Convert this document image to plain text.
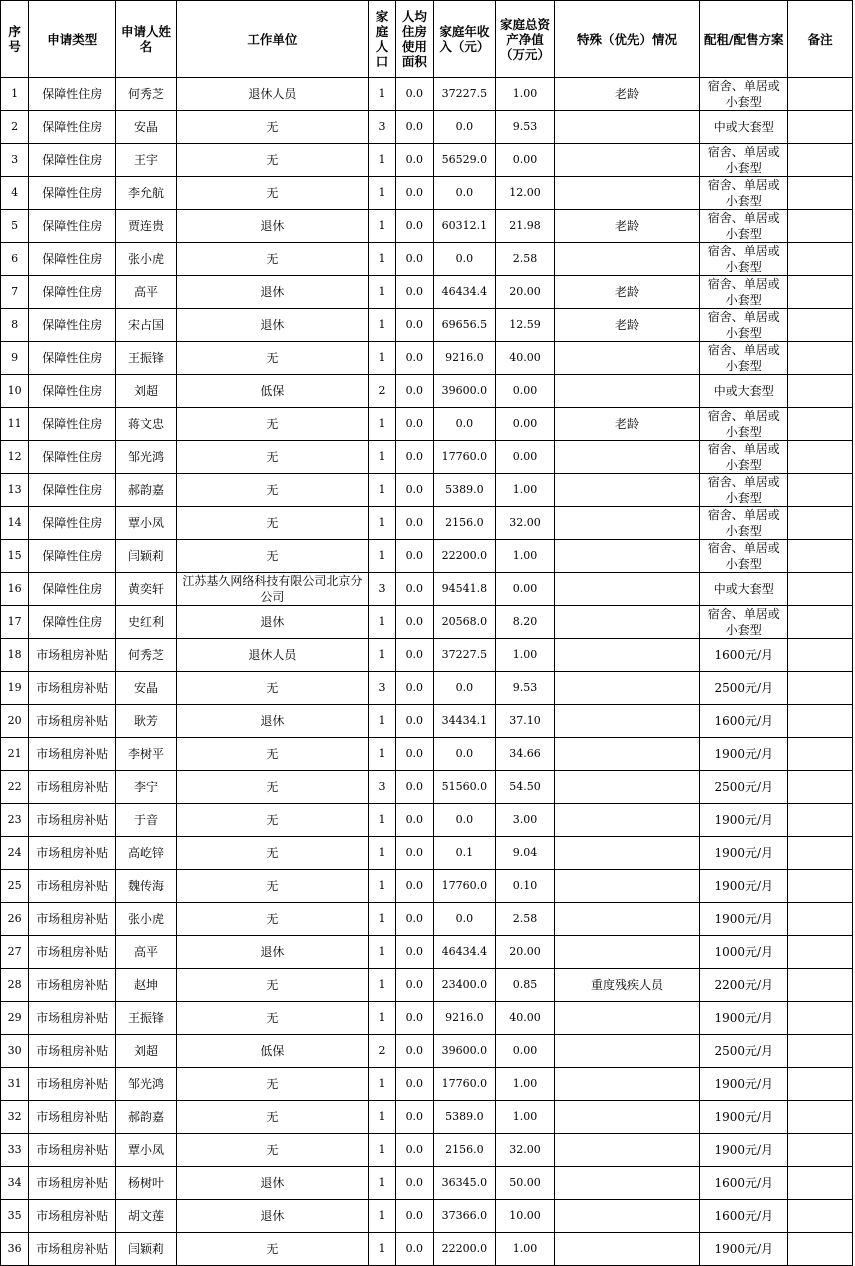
序号	申请类型	申请人姓名	工作单位	家庭人口	人均住房使用面积	家庭年收入（元）	家庭总资产净值（万元）	特殊（优先）情况	配租/配售方案	备注
1	保障性住房	何秀芝	退休人员	1	0.0	37227.5	1.00	老龄	宿舍、单居或小套型	
2	保障性住房	安晶	无	3	0.0	0.0	9.53		中或大套型	
3	保障性住房	王宇	无	1	0.0	56529.0	0.00		宿舍、单居或小套型	
4	保障性住房	李允航	无	1	0.0	0.0	12.00		宿舍、单居或小套型	
5	保障性住房	贾连贵	退休	1	0.0	60312.1	21.98	老龄	宿舍、单居或小套型	
6	保障性住房	张小虎	无	1	0.0	0.0	2.58		宿舍、单居或小套型	
7	保障性住房	高平	退休	1	0.0	46434.4	20.00	老龄	宿舍、单居或小套型	
8	保障性住房	宋占国	退休	1	0.0	69656.5	12.59	老龄	宿舍、单居或小套型	
9	保障性住房	王振锋	无	1	0.0	9216.0	40.00		宿舍、单居或小套型	
10	保障性住房	刘超	低保	2	0.0	39600.0	0.00		中或大套型	
11	保障性住房	蒋文忠	无	1	0.0	0.0	0.00	老龄	宿舍、单居或小套型	
12	保障性住房	邹光鸿	无	1	0.0	17760.0	0.00		宿舍、单居或小套型	
13	保障性住房	郝韵嘉	无	1	0.0	5389.0	1.00		宿舍、单居或小套型	
14	保障性住房	覃小凤	无	1	0.0	2156.0	32.00		宿舍、单居或小套型	
15	保障性住房	闫颖莉	无	1	0.0	22200.0	1.00		宿舍、单居或小套型	
16	保障性住房	黄奕轩	江苏基久网络科技有限公司北京分公司	3	0.0	94541.8	0.00		中或大套型	
17	保障性住房	史红利	退休	1	0.0	20568.0	8.20		宿舍、单居或小套型	
18	市场租房补贴	何秀芝	退休人员	1	0.0	37227.5	1.00		1600元/月	
19	市场租房补贴	安晶	无	3	0.0	0.0	9.53		2500元/月	
20	市场租房补贴	耿芳	退休	1	0.0	34434.1	37.10		1600元/月	
21	市场租房补贴	李树平	无	1	0.0	0.0	34.66		1900元/月	
22	市场租房补贴	李宁	无	3	0.0	51560.0	54.50		2500元/月	
23	市场租房补贴	于音	无	1	0.0	0.0	3.00		1900元/月	
24	市场租房补贴	高屹锌	无	1	0.0	0.1	9.04		1900元/月	
25	市场租房补贴	魏传海	无	1	0.0	17760.0	0.10		1900元/月	
26	市场租房补贴	张小虎	无	1	0.0	0.0	2.58		1900元/月	
27	市场租房补贴	高平	退休	1	0.0	46434.4	20.00		1000元/月	
28	市场租房补贴	赵坤	无	1	0.0	23400.0	0.85	重度残疾人员	2200元/月	
29	市场租房补贴	王振锋	无	1	0.0	9216.0	40.00		1900元/月	
30	市场租房补贴	刘超	低保	2	0.0	39600.0	0.00		2500元/月	
31	市场租房补贴	邹光鸿	无	1	0.0	17760.0	1.00		1900元/月	
32	市场租房补贴	郝韵嘉	无	1	0.0	5389.0	1.00		1900元/月	
33	市场租房补贴	覃小凤	无	1	0.0	2156.0	32.00		1900元/月	
34	市场租房补贴	杨树叶	退休	1	0.0	36345.0	50.00		1600元/月	
35	市场租房补贴	胡文莲	退休	1	0.0	37366.0	10.00		1600元/月	
36	市场租房补贴	闫颖莉	无	1	0.0	22200.0	1.00		1900元/月	
